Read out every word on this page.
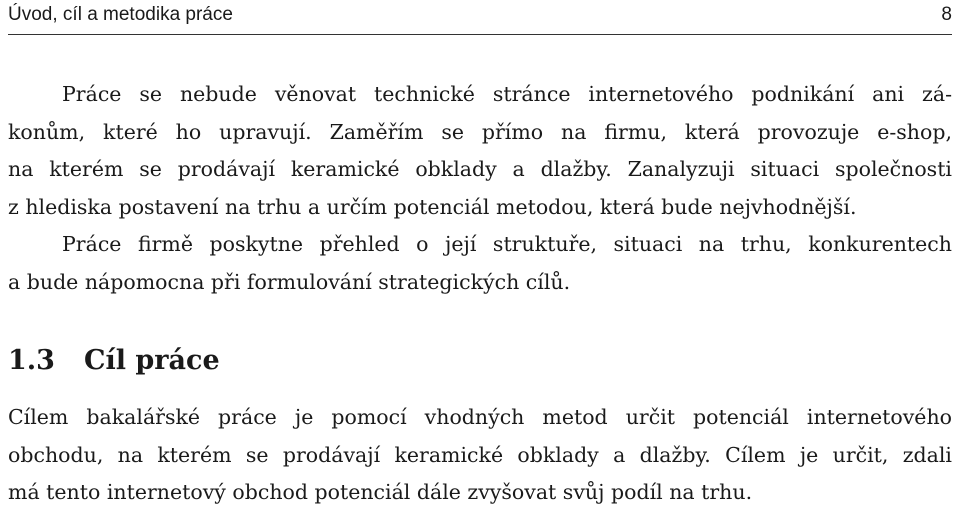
Úvod, cíl a metodika práce	8
Práce se nebude věnovat technické stránce internetového podnikání ani zá-
konům, které ho upravují. Zaměřím se přímo na firmu, která provozuje e-shop,
na kterém se prodávají keramické obklady a dlažby. Zanalyzuji situaci společnosti
z hlediska postavení na trhu a určím potenciál metodou, která bude nejvhodnější.
Práce firmě poskytne přehled o její struktuře, situaci na trhu, konkurentech
a bude nápomocna při formulování strategických cílů.
1.3 Cíl práce
Cílem bakalářské práce je pomocí vhodných metod určit potenciál internetového
obchodu, na kterém se prodávají keramické obklady a dlažby. Cílem je určit, zdali
má tento internetový obchod potenciál dále zvyšovat svůj podíl na trhu.
